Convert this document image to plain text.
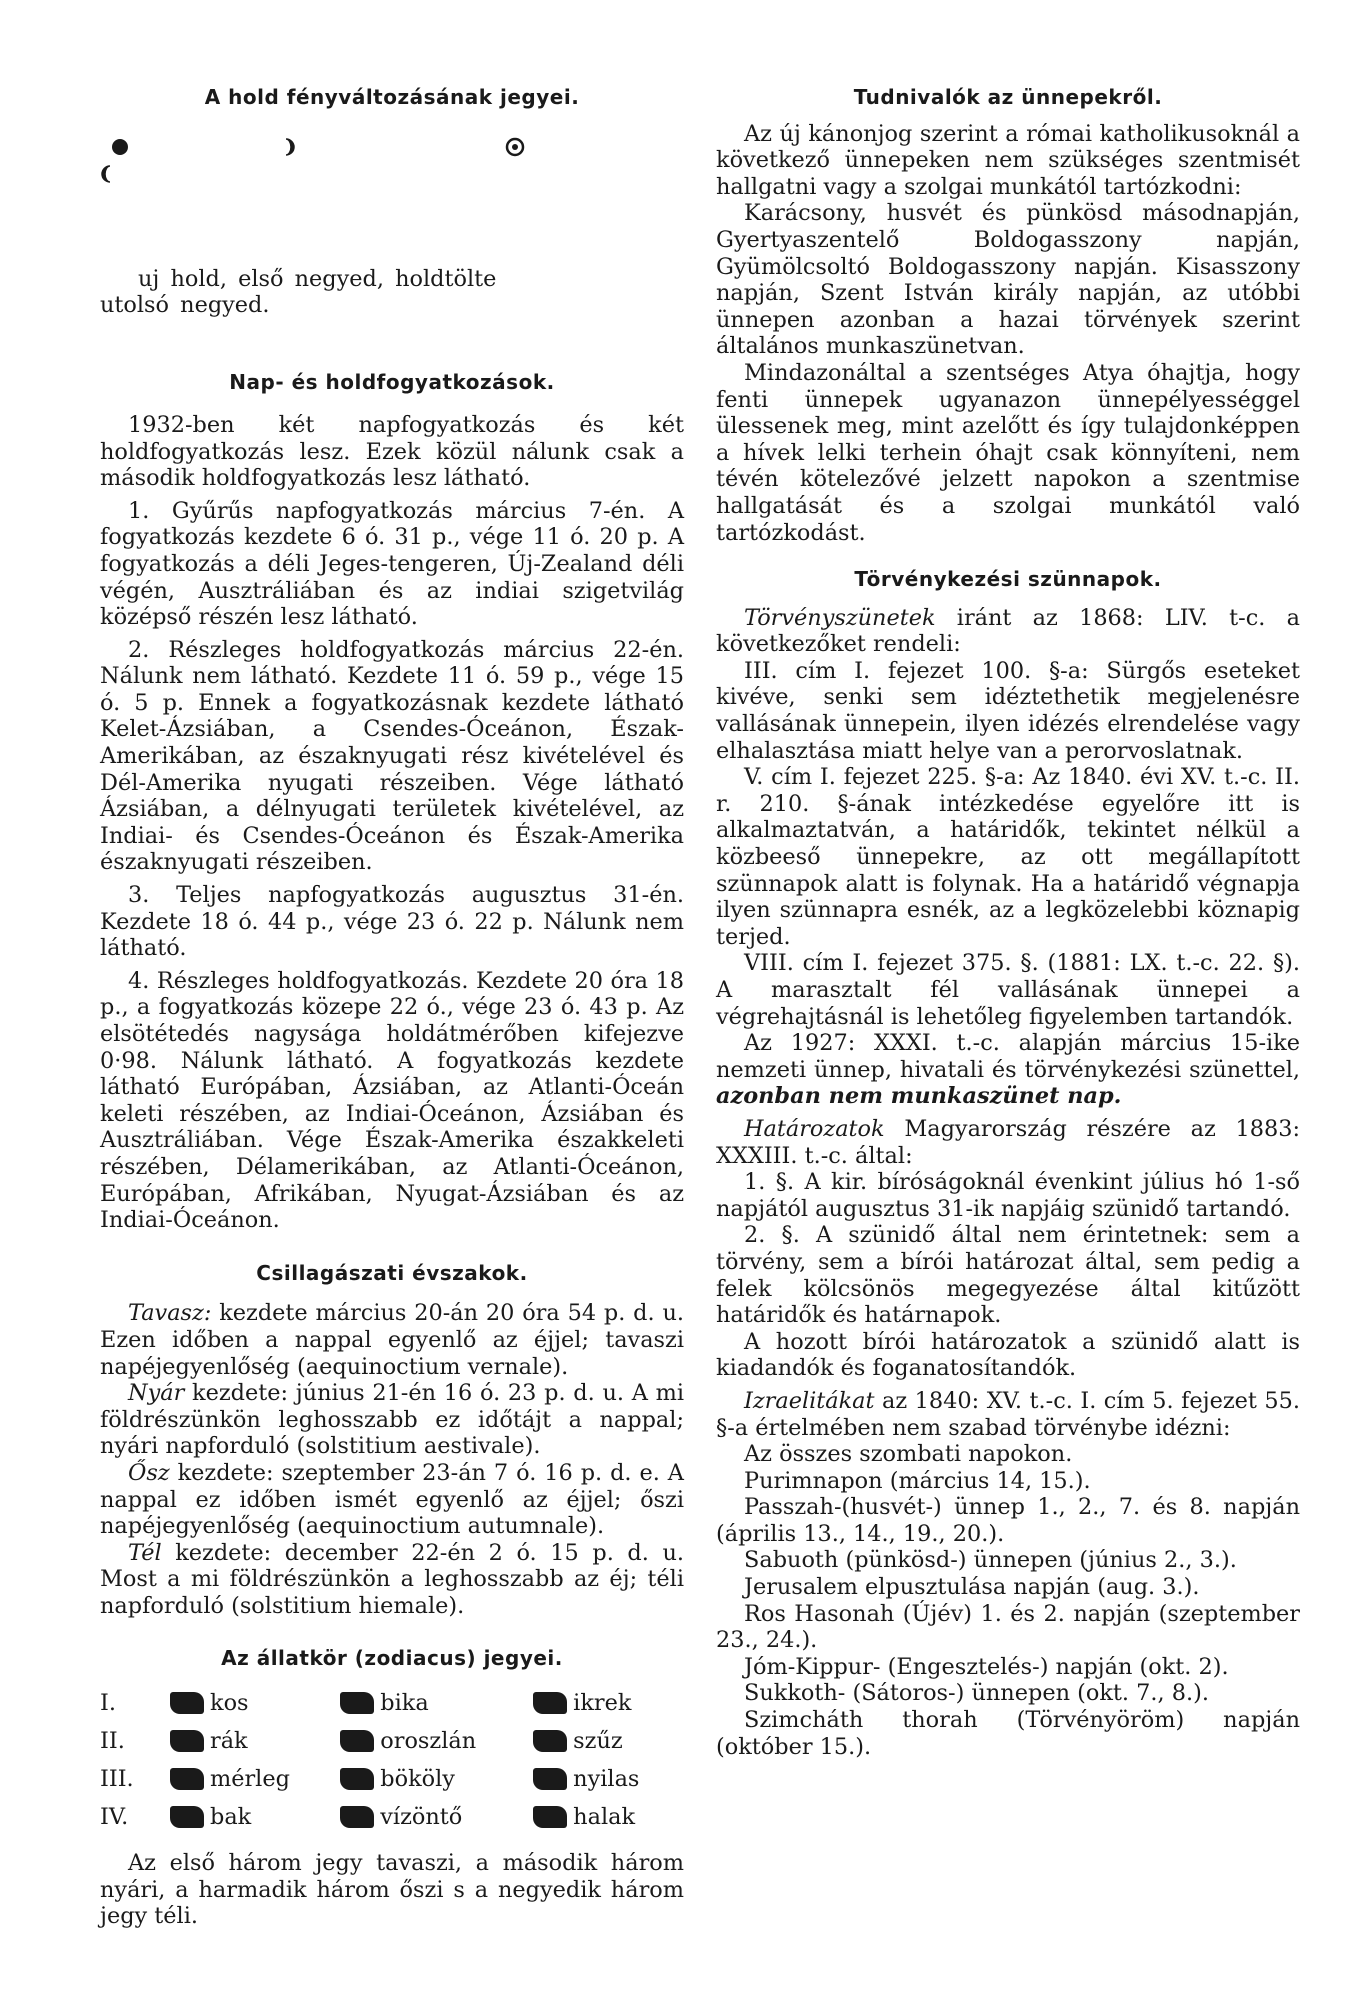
A hold fényváltozásának jegyei.

uj hold, első negyed, holdtölte
utolsó negyed.

Nap- és holdfogyatkozások.

1932-ben két napfogyatkozás és két holdfogyatkozás lesz. Ezek közül nálunk csak a második holdfogyatkozás lesz látható.

1. Gyűrűs napfogyatkozás március 7-én. A fogyatkozás kezdete 6 ó. 31 p., vége 11 ó. 20 p. A fogyatkozás a déli Jeges-tengeren, Új-Zealand déli végén, Ausztráliában és az indiai szigetvilág középső részén lesz látható.

2. Részleges holdfogyatkozás március 22-én. Nálunk nem látható. Kezdete 11 ó. 59 p., vége 15 ó. 5 p. Ennek a fogyatkozásnak kezdete látható Kelet-Ázsiában, a Csendes-Óceánon, Észak-Amerikában, az északnyugati rész kivételével és Dél-Amerika nyugati részeiben. Vége látható Ázsiában, a délnyugati területek kivételével, az Indiai- és Csendes-Óceánon és Észak-Amerika északnyugati részeiben.

3. Teljes napfogyatkozás augusztus 31-én. Kezdete 18 ó. 44 p., vége 23 ó. 22 p. Nálunk nem látható.

4. Részleges holdfogyatkozás. Kezdete 20 óra 18 p., a fogyatkozás közepe 22 ó., vége 23 ó. 43 p. Az elsötétedés nagysága holdátmérőben kifejezve 0·98. Nálunk látható. A fogyatkozás kezdete látható Európában, Ázsiában, az Atlanti-Óceán keleti részében, az Indiai-Óceánon, Ázsiában és Ausztráliában. Vége Észak-Amerika északkeleti részében, Délamerikában, az Atlanti-Óceánon, Európában, Afrikában, Nyugat-Ázsiában és az Indiai-Óceánon.

Csillagászati évszakok.

Tavasz: kezdete március 20-án 20 óra 54 p. d. u. Ezen időben a nappal egyenlő az éjjel; tavaszi napéjegyenlőség (aequinoctium vernale).

Nyár kezdete: június 21-én 16 ó. 23 p. d. u. A mi földrészünkön leghosszabb ez időtájt a nappal; nyári napforduló (solstitium aestivale).

Ősz kezdete: szeptember 23-án 7 ó. 16 p. d. e. A nappal ez időben ismét egyenlő az éjjel; őszi napéjegyenlőség (aequinoctium autumnale).

Tél kezdete: december 22-én 2 ó. 15 p. d. u. Most a mi földrészünkön a leghosszabb az éj; téli napforduló (solstitium hiemale).

Az állatkör (zodiacus) jegyei.
I.	kos	bika	ikrek
II.	rák	oroszlán	szűz
III.	mérleg	bököly	nyilas
IV.	bak	vízöntő	halak

Az első három jegy tavaszi, a második három nyári, a harmadik három őszi s a negyedik három jegy téli.

Tudnivalók az ünnepekről.

Az új kánonjog szerint a római katholikusoknál a következő ünnepeken nem szükséges szentmisét hallgatni vagy a szolgai munkától tartózkodni:

Karácsony, husvét és pünkösd másodnapján, Gyertyaszentelő Boldogasszony napján, Gyümölcsoltó Boldogasszony napján. Kisasszony napján, Szent István király napján, az utóbbi ünnepen azonban a hazai törvények szerint általános munkaszünetvan.

Mindazonáltal a szentséges Atya óhajtja, hogy fenti ünnepek ugyanazon ünnepélyességgel ülessenek meg, mint azelőtt és így tulajdonképpen a hívek lelki terhein óhajt csak könnyíteni, nem tévén kötelezővé jelzett napokon a szentmise hallgatását és a szolgai munkától való tartózkodást.

Törvénykezési szünnapok.

Törvényszünetek iránt az 1868: LIV. t-c. a következőket rendeli:

III. cím I. fejezet 100. §-a: Sürgős eseteket kivéve, senki sem idéztethetik megjelenésre vallásának ünnepein, ilyen idézés elrendelése vagy elhalasztása miatt helye van a perorvoslatnak.

V. cím I. fejezet 225. §-a: Az 1840. évi XV. t.-c. II. r. 210. §-ának intézkedése egyelőre itt is alkalmaztatván, a határidők, tekintet nélkül a közbeeső ünnepekre, az ott megállapított szünnapok alatt is folynak. Ha a határidő végnapja ilyen szünnapra esnék, az a legközelebbi köznapig terjed.

VIII. cím I. fejezet 375. §. (1881: LX. t.-c. 22. §). A marasztalt fél vallásának ünnepei a végrehajtásnál is lehetőleg figyelemben tartandók.

Az 1927: XXXI. t.-c. alapján március 15-ike nemzeti ünnep, hivatali és törvénykezési szünettel, azonban nem munkaszünet nap.

Határozatok Magyarország részére az 1883: XXXIII. t.-c. által:

1. §. A kir. bíróságoknál évenkint július hó 1-ső napjától augusztus 31-ik napjáig szünidő tartandó.

2. §. A szünidő által nem érintetnek: sem a törvény, sem a bírói határozat által, sem pedig a felek kölcsönös megegyezése által kitűzött határidők és határnapok.

A hozott bírói határozatok a szünidő alatt is kiadandók és foganatosítandók.

Izraelitákat az 1840: XV. t.-c. I. cím 5. fejezet 55. §-a értelmében nem szabad törvénybe idézni:

Az összes szombati napokon.

Purimnapon (március 14, 15.).

Passzah-(husvét-) ünnep 1., 2., 7. és 8. napján (április 13., 14., 19., 20.).

Sabuoth (pünkösd-) ünnepen (június 2., 3.).

Jerusalem elpusztulása napján (aug. 3.).

Ros Hasonah (Újév) 1. és 2. napján (szeptember 23., 24.).

Jóm-Kippur- (Engesztelés-) napján (okt. 2).

Sukkoth- (Sátoros-) ünnepen (okt. 7., 8.).

Szimcháth thorah (Törvényöröm) napján (október 15.).
